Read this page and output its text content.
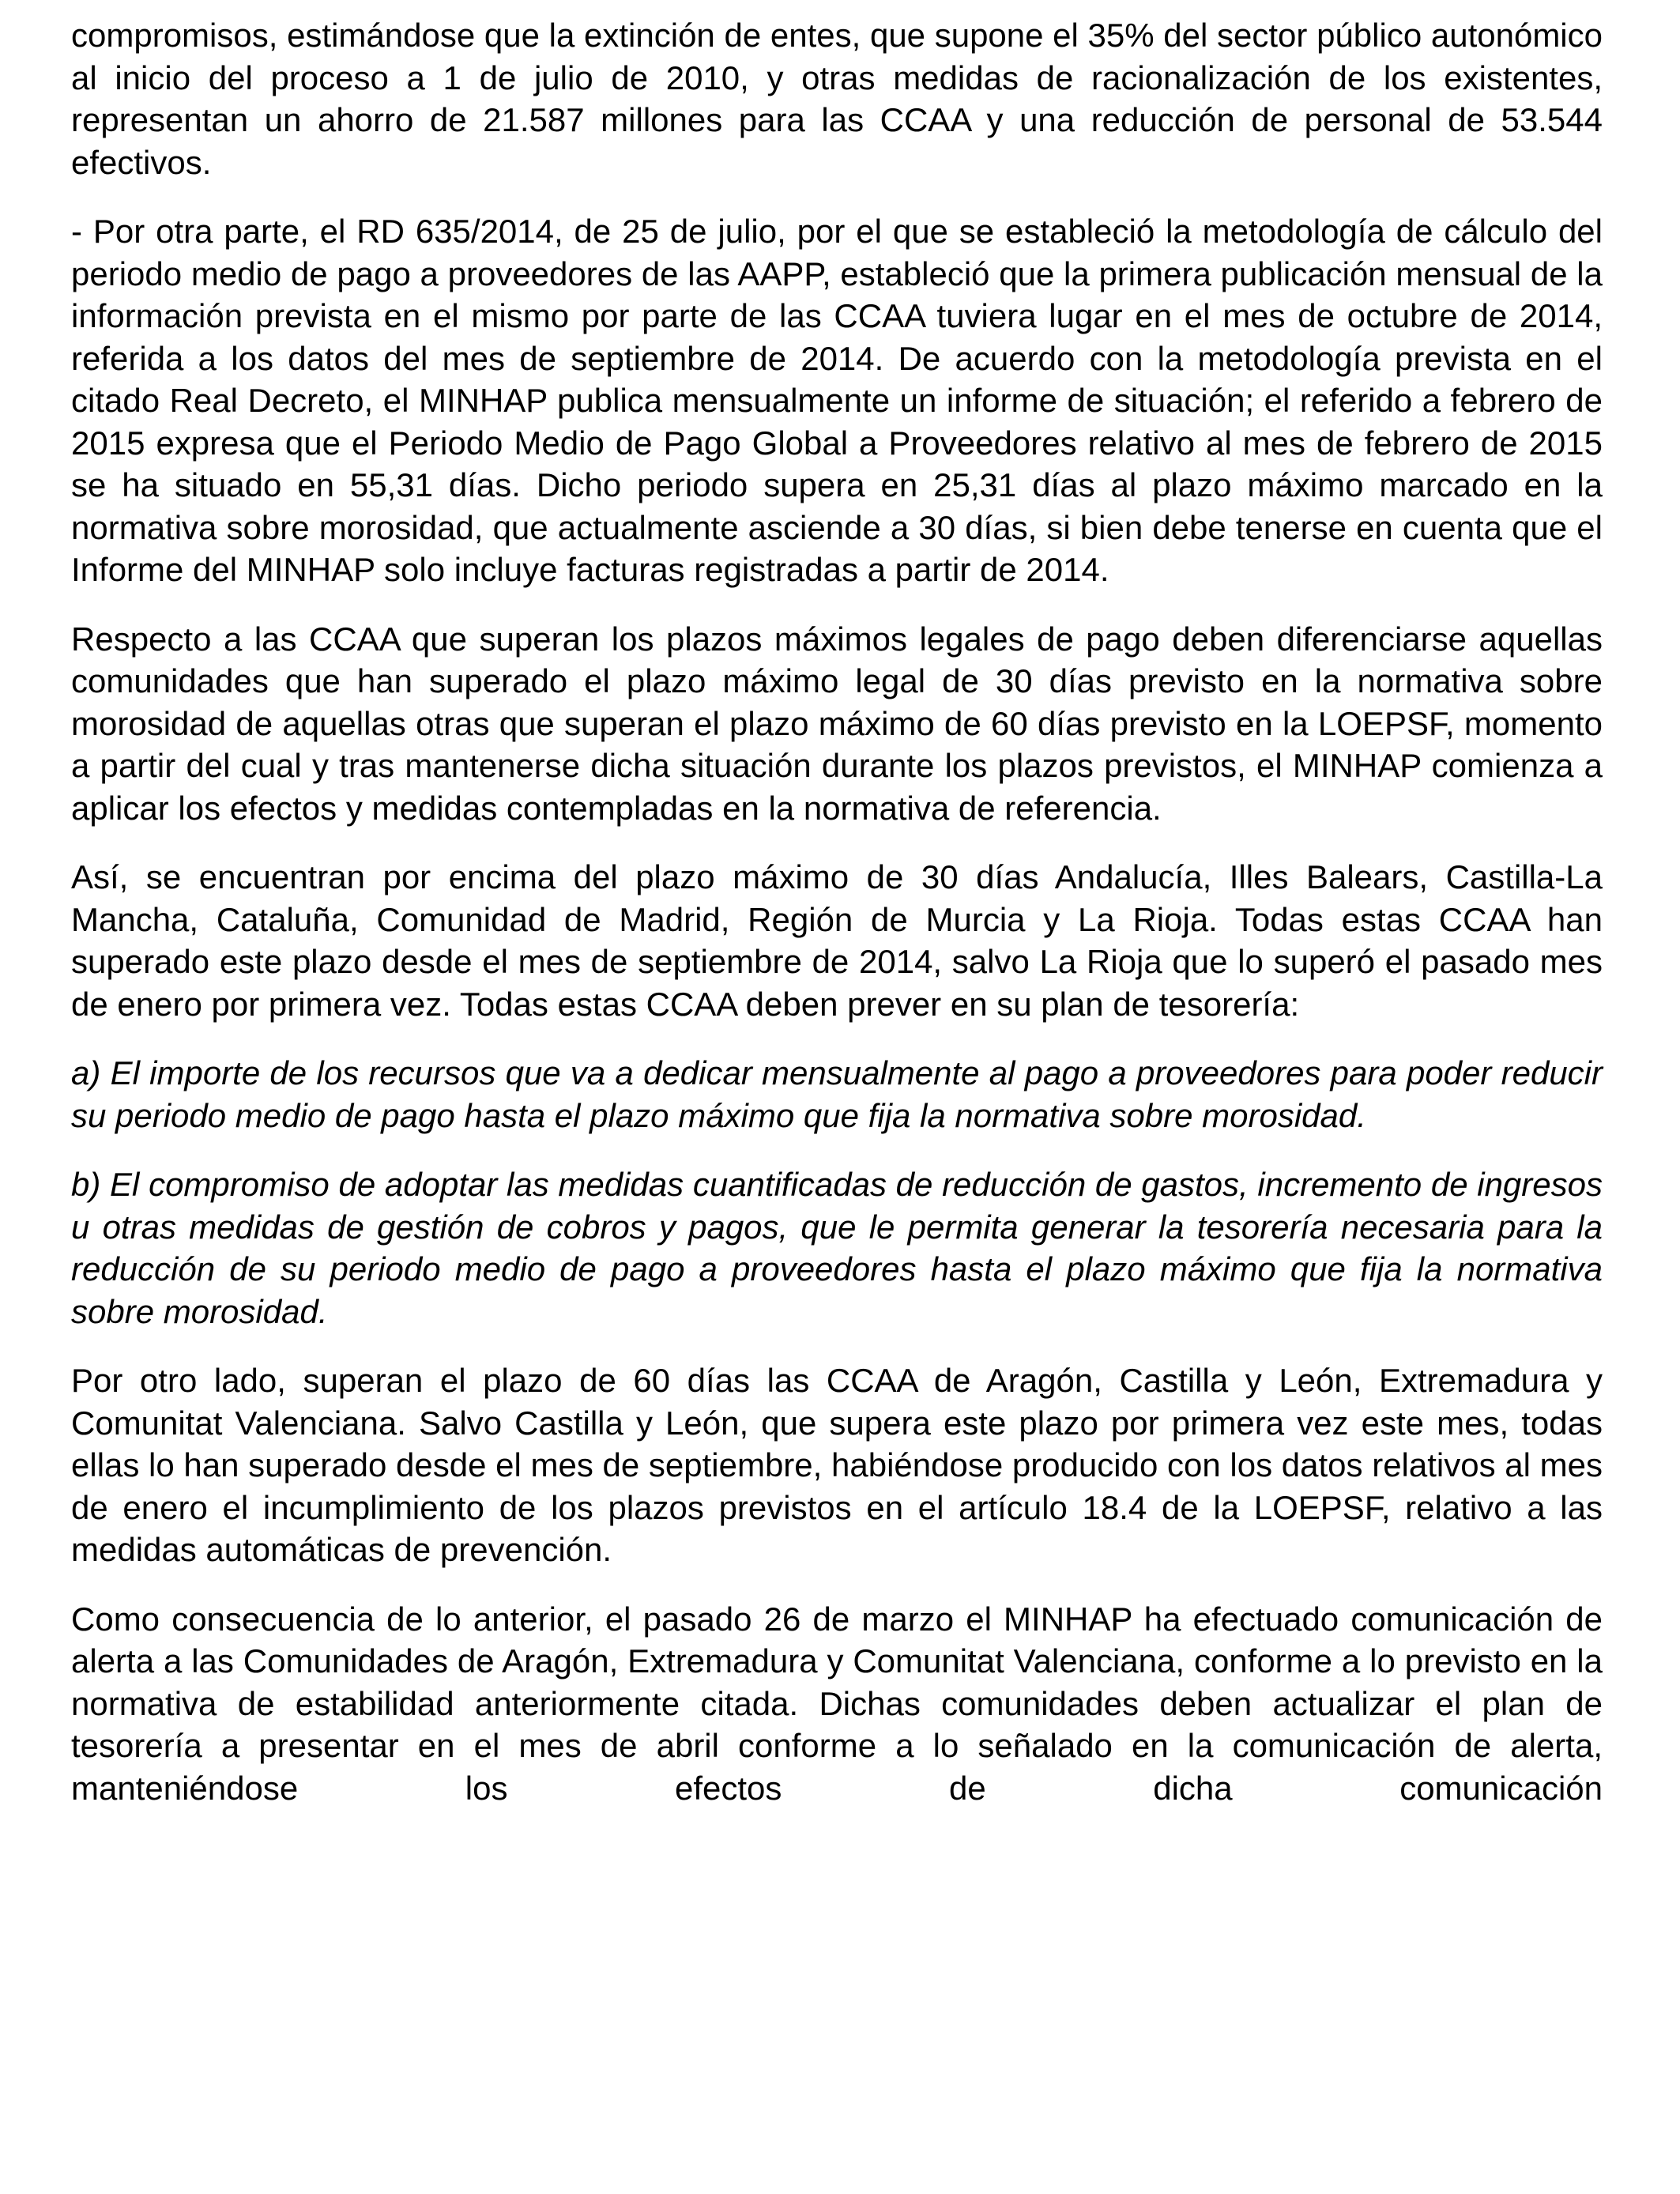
compromisos, estimándose que la extinción de entes, que supone el 35% del sector público autonómico al inicio del proceso a 1 de julio de 2010, y otras medidas de racionalización de los existentes, representan un ahorro de 21.587 millones para las CCAA y una reducción de personal de 53.544 efectivos.

- Por otra parte, el RD 635/2014, de 25 de julio, por el que se estableció la metodología de cálculo del periodo medio de pago a proveedores de las AAPP, estableció que la primera publicación mensual de la información prevista en el mismo por parte de las CCAA tuviera lugar en el mes de octubre de 2014, referida a los datos del mes de septiembre de 2014. De acuerdo con la metodología prevista en el citado Real Decreto, el MINHAP publica mensualmente un informe de situación; el referido a febrero de 2015 expresa que el Periodo Medio de Pago Global a Proveedores relativo al mes de febrero de 2015 se ha situado en 55,31 días. Dicho periodo supera en 25,31 días al plazo máximo marcado en la normativa sobre morosidad, que actualmente asciende a 30 días, si bien debe tenerse en cuenta que el Informe del MINHAP solo incluye facturas registradas a partir de 2014.

Respecto a las CCAA que superan los plazos máximos legales de pago deben diferenciarse aquellas comunidades que han superado el plazo máximo legal de 30 días previsto en la normativa sobre morosidad de aquellas otras que superan el plazo máximo de 60 días previsto en la LOEPSF, momento a partir del cual y tras mantenerse dicha situación durante los plazos previstos, el MINHAP comienza a aplicar los efectos y medidas contempladas en la normativa de referencia.

Así, se encuentran por encima del plazo máximo de 30 días Andalucía, Illes Balears, Castilla-La Mancha, Cataluña, Comunidad de Madrid, Región de Murcia y La Rioja. Todas estas CCAA han superado este plazo desde el mes de septiembre de 2014, salvo La Rioja que lo superó el pasado mes de enero por primera vez. Todas estas CCAA deben prever en su plan de tesorería:

a) El importe de los recursos que va a dedicar mensualmente al pago a proveedores para poder reducir su periodo medio de pago hasta el plazo máximo que fija la normativa sobre morosidad.

b) El compromiso de adoptar las medidas cuantificadas de reducción de gastos, incremento de ingresos u otras medidas de gestión de cobros y pagos, que le permita generar la tesorería necesaria para la reducción de su periodo medio de pago a proveedores hasta el plazo máximo que fija la normativa sobre morosidad.

Por otro lado, superan el plazo de 60 días las CCAA de Aragón, Castilla y León, Extremadura y Comunitat Valenciana. Salvo Castilla y León, que supera este plazo por primera vez este mes, todas ellas lo han superado desde el mes de septiembre, habiéndose producido con los datos relativos al mes de enero el incumplimiento de los plazos previstos en el artículo 18.4 de la LOEPSF, relativo a las medidas automáticas de prevención.

Como consecuencia de lo anterior, el pasado 26 de marzo el MINHAP ha efectuado comunicación de alerta a las Comunidades de Aragón, Extremadura y Comunitat Valenciana, conforme a lo previsto en la normativa de estabilidad anteriormente citada. Dichas comunidades deben actualizar el plan de tesorería a presentar en el mes de abril conforme a lo señalado en la comunicación de alerta, manteniéndose los efectos de dicha comunicación
